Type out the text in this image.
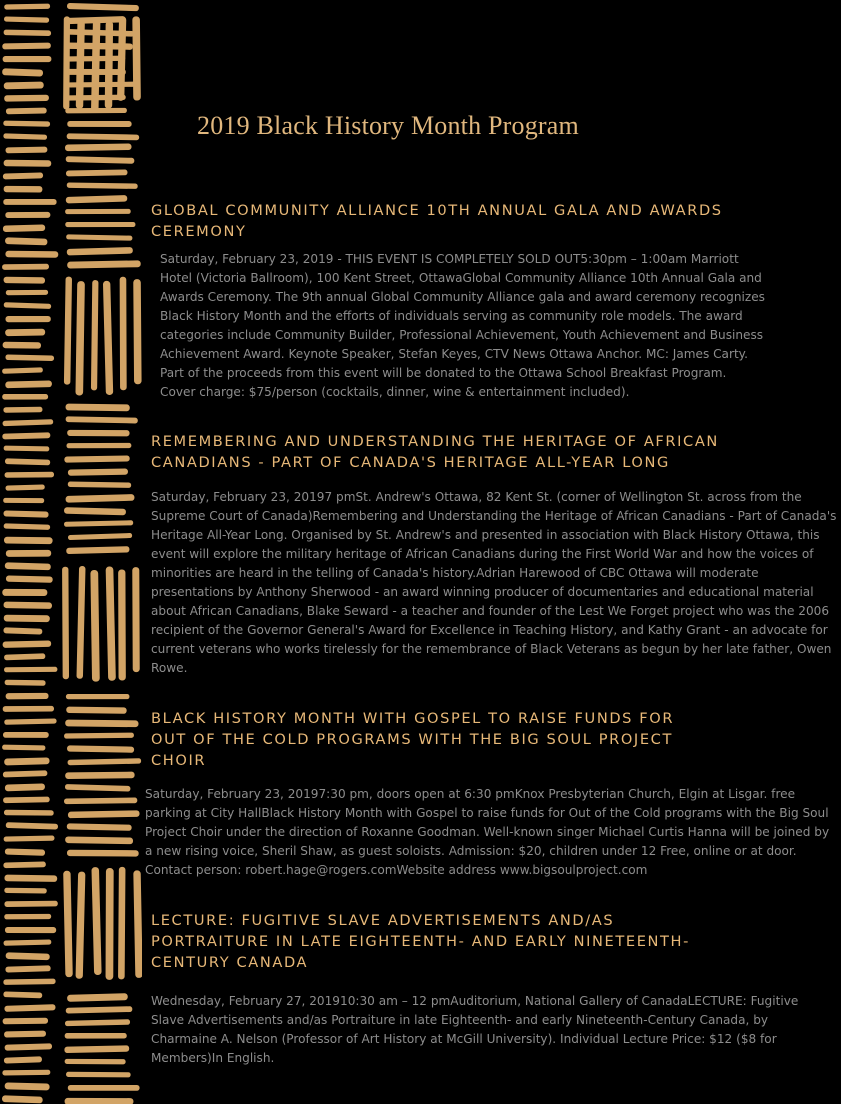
2019 Black History Month Program
GLOBAL COMMUNITY ALLIANCE 10TH ANNUAL GALA AND AWARDS CEREMONY

Saturday, February 23, 2019 - THIS EVENT IS COMPLETELY SOLD OUT5:30pm – 1:00am Marriott Hotel (Victoria Ballroom), 100 Kent Street, OttawaGlobal Community Alliance 10th Annual Gala and Awards Ceremony. The 9th annual Global Community Alliance gala and award ceremony recognizes Black History Month and the efforts of individuals serving as community role models. The award categories include Community Builder, Professional Achievement, Youth Achievement and Business Achievement Award. Keynote Speaker, Stefan Keyes, CTV News Ottawa Anchor. MC: James Carty. Part of the proceeds from this event will be donated to the Ottawa School Breakfast Program. Cover charge: $75/person (cocktails, dinner, wine & entertainment included).

REMEMBERING AND UNDERSTANDING THE HERITAGE OF AFRICAN CANADIANS - PART OF CANADA'S HERITAGE ALL-YEAR LONG

Saturday, February 23, 20197 pmSt. Andrew's Ottawa, 82 Kent St. (corner of Wellington St. across from the Supreme Court of Canada)Remembering and Understanding the Heritage of African Canadians - Part of Canada's Heritage All-Year Long. Organised by St. Andrew's and presented in association with Black History Ottawa, this event will explore the military heritage of African Canadians during the First World War and how the voices of minorities are heard in the telling of Canada's history.Adrian Harewood of CBC Ottawa will moderate presentations by Anthony Sherwood - an award winning producer of documentaries and educational material about African Canadians, Blake Seward - a teacher and founder of the Lest We Forget project who was the 2006 recipient of the Governor General's Award for Excellence in Teaching History, and Kathy Grant - an advocate for current veterans who works tirelessly for the remembrance of Black Veterans as begun by her late father, Owen Rowe.

BLACK HISTORY MONTH WITH GOSPEL TO RAISE FUNDS FOR OUT OF THE COLD PROGRAMS WITH THE BIG SOUL PROJECT CHOIR

Saturday, February 23, 20197:30 pm, doors open at 6:30 pmKnox Presbyterian Church, Elgin at Lisgar. free parking at City HallBlack History Month with Gospel to raise funds for Out of the Cold programs with the Big Soul Project Choir under the direction of Roxanne Goodman. Well-known singer Michael Curtis Hanna will be joined by a new rising voice, Sheril Shaw, as guest soloists. Admission: $20, children under 12 Free, online or at door. Contact person: robert.hage@rogers.comWebsite address www.bigsoulproject.com

LECTURE: FUGITIVE SLAVE ADVERTISEMENTS AND/AS PORTRAITURE IN LATE EIGHTEENTH- AND EARLY NINETEENTH-CENTURY CANADA

Wednesday, February 27, 201910:30 am – 12 pmAuditorium, National Gallery of CanadaLECTURE: Fugitive Slave Advertisements and/as Portraiture in late Eighteenth- and early Nineteenth-Century Canada, by Charmaine A. Nelson (Professor of Art History at McGill University). Individual Lecture Price: $12 ($8 for Members)In English.
